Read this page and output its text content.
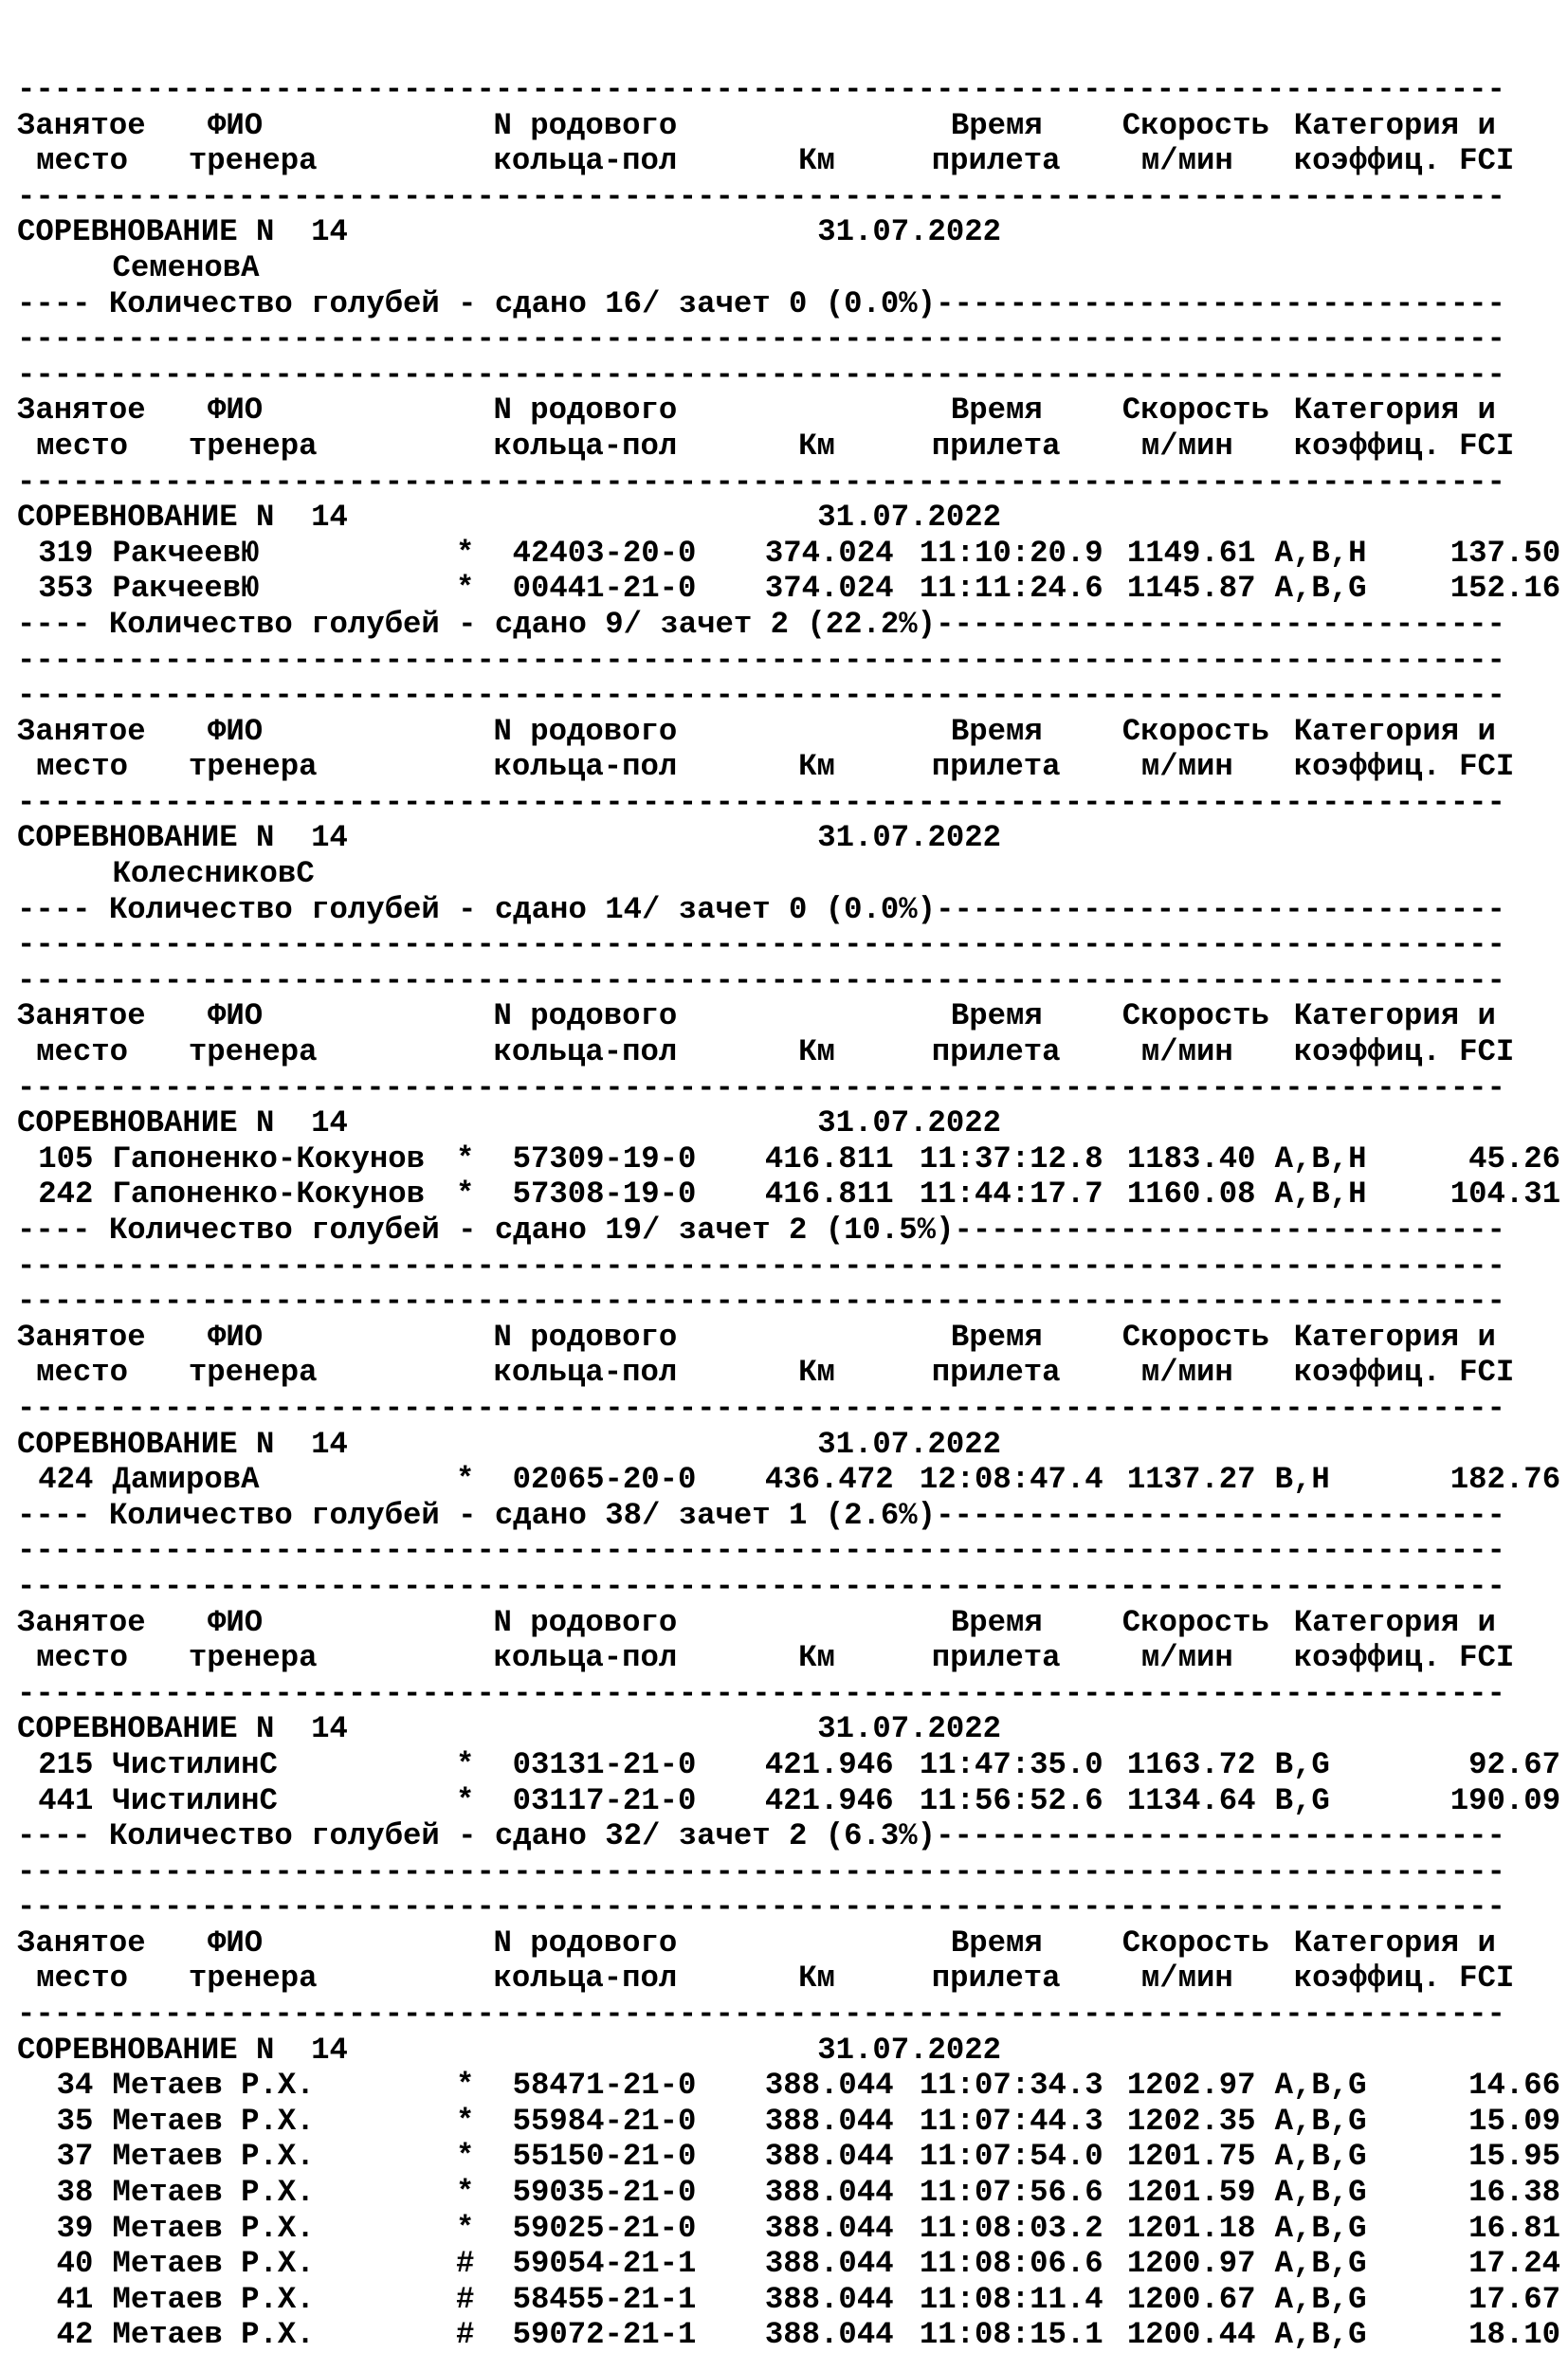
---------------------------------------------------------------------------------
Занятое ФИО	N родового	Время	Скорость Категория и
место тренера	кольца-пол	Км	прилета	м/мин коэффиц. FCI
---------------------------------------------------------------------------------
СОРЕВНОВАНИЕ N  14	31.07.2022
СеменовА
---- Количество голубей - сдано 16/ зачет 0 (0.0%)-------------------------------
---------------------------------------------------------------------------------
---------------------------------------------------------------------------------
Занятое ФИО	N родового	Время	Скорость Категория и
место тренера	кольца-пол	Км	прилета	м/мин коэффиц. FCI
---------------------------------------------------------------------------------
СОРЕВНОВАНИЕ N  14	31.07.2022
319 РакчеевЮ	* 42403-20-0 374.024 11:10:20.9 1149.61 A,B,H	137.50
353 РакчеевЮ	* 00441-21-0 374.024 11:11:24.6 1145.87 A,B,G	152.16
---- Количество голубей - сдано 9/ зачет 2 (22.2%)-------------------------------
---------------------------------------------------------------------------------
---------------------------------------------------------------------------------
Занятое ФИО	N родового	Время	Скорость Категория и
место тренера	кольца-пол	Км	прилета	м/мин коэффиц. FCI
---------------------------------------------------------------------------------
СОРЕВНОВАНИЕ N  14	31.07.2022
КолесниковС
---- Количество голубей - сдано 14/ зачет 0 (0.0%)-------------------------------
---------------------------------------------------------------------------------
---------------------------------------------------------------------------------
Занятое ФИО	N родового	Время	Скорость Категория и
место тренера	кольца-пол	Км	прилета	м/мин коэффиц. FCI
---------------------------------------------------------------------------------
СОРЕВНОВАНИЕ N  14	31.07.2022
105 Гапоненко-Кокунов	* 57309-19-0 416.811 11:37:12.8 1183.40 A,B,H	45.26
242 Гапоненко-Кокунов	* 57308-19-0 416.811 11:44:17.7 1160.08 A,B,H	104.31
---- Количество голубей - сдано 19/ зачет 2 (10.5%)------------------------------
---------------------------------------------------------------------------------
---------------------------------------------------------------------------------
Занятое ФИО	N родового	Время	Скорость Категория и
место тренера	кольца-пол	Км	прилета	м/мин коэффиц. FCI
---------------------------------------------------------------------------------
СОРЕВНОВАНИЕ N  14	31.07.2022
424 ДамировА	* 02065-20-0 436.472 12:08:47.4 1137.27 B,H	182.76
---- Количество голубей - сдано 38/ зачет 1 (2.6%)-------------------------------
---------------------------------------------------------------------------------
---------------------------------------------------------------------------------
Занятое ФИО	N родового	Время	Скорость Категория и
место тренера	кольца-пол	Км	прилета	м/мин коэффиц. FCI
---------------------------------------------------------------------------------
СОРЕВНОВАНИЕ N  14	31.07.2022
215 ЧистилинС	* 03131-21-0 421.946 11:47:35.0 1163.72 B,G	92.67
441 ЧистилинС	* 03117-21-0 421.946 11:56:52.6 1134.64 B,G	190.09
---- Количество голубей - сдано 32/ зачет 2 (6.3%)-------------------------------
---------------------------------------------------------------------------------
---------------------------------------------------------------------------------
Занятое ФИО	N родового	Время	Скорость Категория и
место тренера	кольца-пол	Км	прилета	м/мин коэффиц. FCI
---------------------------------------------------------------------------------
СОРЕВНОВАНИЕ N  14	31.07.2022
34 Метаев Р.Х.	* 58471-21-0 388.044 11:07:34.3 1202.97 A,B,G	14.66
35 Метаев Р.Х.	* 55984-21-0 388.044 11:07:44.3 1202.35 A,B,G	15.09
37 Метаев Р.Х.	* 55150-21-0 388.044 11:07:54.0 1201.75 A,B,G	15.95
38 Метаев Р.Х.	* 59035-21-0 388.044 11:07:56.6 1201.59 A,B,G	16.38
39 Метаев Р.Х.	* 59025-21-0 388.044 11:08:03.2 1201.18 A,B,G	16.81
40 Метаев Р.Х.	# 59054-21-1 388.044 11:08:06.6 1200.97 A,B,G	17.24
41 Метаев Р.Х.	# 58455-21-1 388.044 11:08:11.4 1200.67 A,B,G	17.67
42 Метаев Р.Х.	# 59072-21-1 388.044 11:08:15.1 1200.44 A,B,G	18.10
